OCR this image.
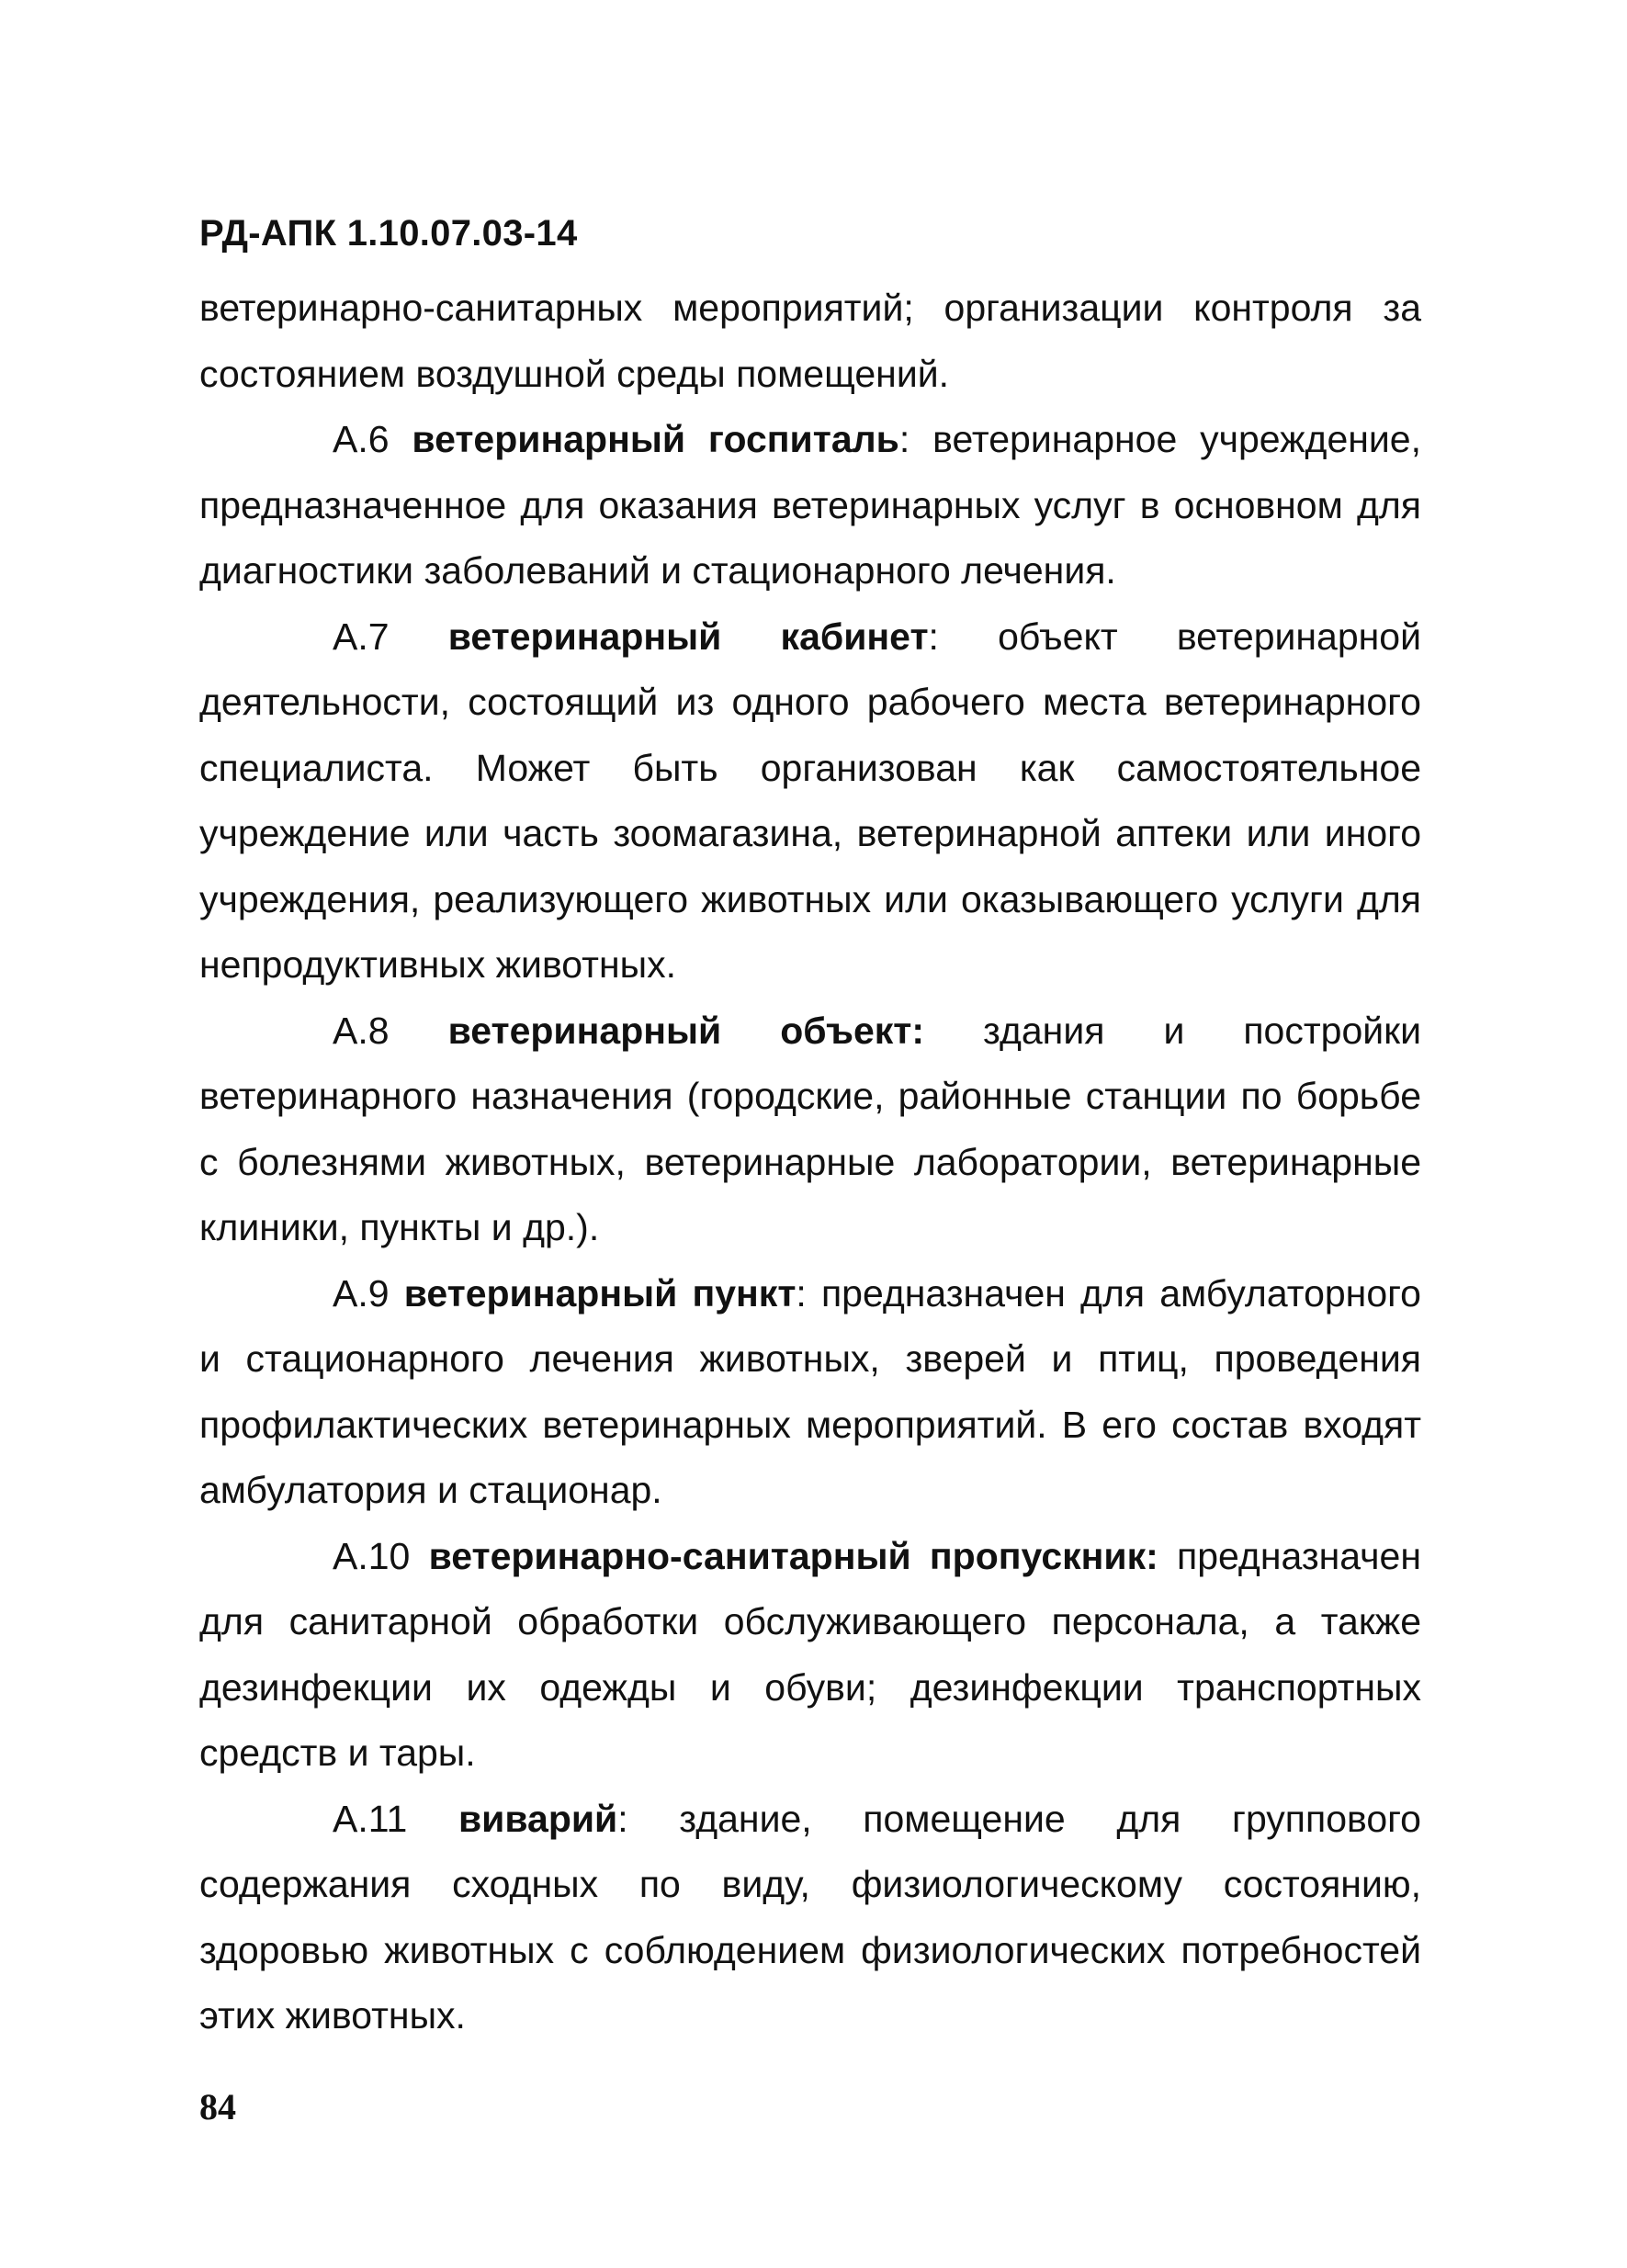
РД-АПК 1.10.07.03-14

ветеринарно-санитарных мероприятий; организации контроля за состоянием воздушной среды помещений.

А.6 ветеринарный госпиталь: ветеринарное учреждение, предназначенное для оказания ветеринарных услуг в основном для диагностики заболеваний и стационарного лечения.

А.7 ветеринарный кабинет: объект ветеринарной деятельности, состоящий из одного рабочего места ветеринарного специалиста. Может быть организован как самостоятельное учреждение или часть зоомагазина, ветеринарной аптеки или иного учреждения, реализующего животных или оказывающего услуги для непродуктивных животных.

А.8 ветеринарный объект: здания и постройки ветеринарного назначения (городские, районные станции по борьбе с болезнями животных, ветеринарные лаборатории, ветеринарные клиники, пункты и др.).

А.9 ветеринарный пункт: предназначен для амбулаторного и стационарного лечения животных, зверей и птиц, проведения профилактических ветеринарных мероприятий. В его состав входят амбулатория и стационар.

А.10 ветеринарно-санитарный пропускник: предназначен для санитарной обработки обслуживающего персонала, а также дезинфекции их одежды и обуви; дезинфекции транспортных средств и тары.

А.11 виварий: здание, помещение для группового содержания сходных по виду, физиологическому состоянию, здоровью животных с соблюдением физиологических потребностей этих животных.

84
